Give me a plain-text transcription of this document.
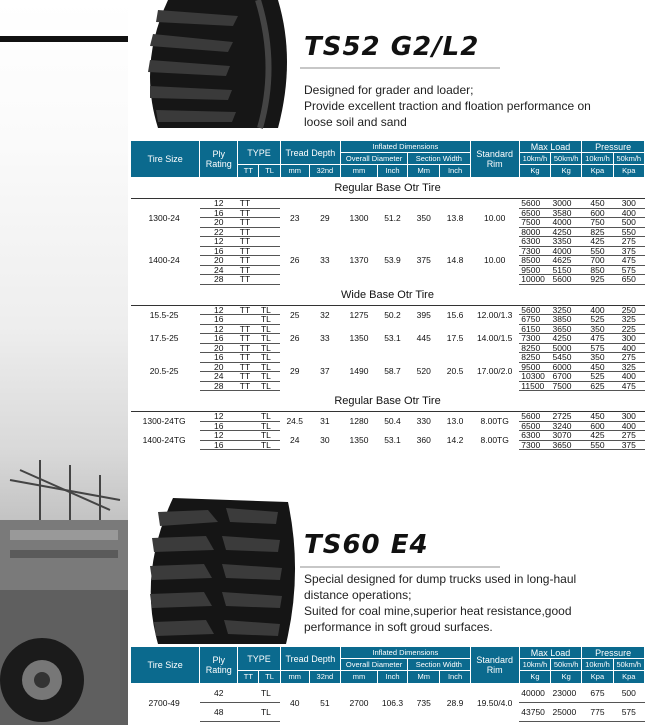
TS52 G2/L2
Designed for grader and loader;
Provide excellent traction and floation performance on
loose soil and sand
Tire Size	Ply Rating	TYPE		Tread Depth		Inflated Dimensions				Standard Rim	Max Load		Pressure	
						Overall Diameter		Section Width			10km/h	50km/h	10km/h	50km/h
		TT	TL	mm	32nd	mm	Inch	Mm	Inch		Kg	Kg	Kpa	Kpa
Regular Base Otr Tire														
1300-24	12	TT		23	29	1300	51.2	350	13.8	10.00	5600	3000	450	300
	16	TT									6500	3580	600	400
	20	TT									7500	4000	750	500
	22	TT									8000	4250	825	550
1400-24	12	TT		26	33	1370	53.9	375	14.8	10.00	6300	3350	425	275
	16	TT									7300	4000	550	375
	20	TT									8500	4625	700	475
	24	TT									9500	5150	850	575
	28	TT									10000	5600	925	650
Wide Base Otr Tire														
15.5-25	12	TT	TL	25	32	1275	50.2	395	15.6	12.00/1.3	5600	3250	400	250
	16		TL								6750	3850	525	325
17.5-25	12	TT	TL	26	33	1350	53.1	445	17.5	14.00/1.5	6150	3650	350	225
	16	TT	TL								7300	4250	475	300
	20	TT	TL								8250	5000	575	400
20.5-25	16	TT	TL	29	37	1490	58.7	520	20.5	17.00/2.0	8250	5450	350	275
	20	TT	TL								9500	6000	450	325
	24	TT	TL								10300	6700	525	400
	28	TT	TL								11500	7500	625	475
Regular Base Otr Tire														
1300-24TG	12		TL	24.5	31	1280	50.4	330	13.0	8.00TG	5600	2725	450	300
	16		TL								6500	3240	600	400
1400-24TG	12		TL	24	30	1350	53.1	360	14.2	8.00TG	6300	3070	425	275
	16		TL								7300	3650	550	375
TS60 E4
Special designed for dump trucks used in long-haul
distance operations;
Suited for coal mine,superior heat resistance,good
performance in soft groud surfaces.
Tire Size	Ply Rating	TYPE		Tread Depth		Inflated Dimensions				Standard Rim	Max Load		Pressure	
						Overall Diameter		Section Width			10km/h	50km/h	10km/h	50km/h
		TT	TL	mm	32nd	mm	Inch	Mm	Inch		Kg	Kg	Kpa	Kpa
2700-49	42		TL	40	51	2700	106.3	735	28.9	19.50/4.0	40000	23000	675	500
	48		TL								43750	25000	775	575
